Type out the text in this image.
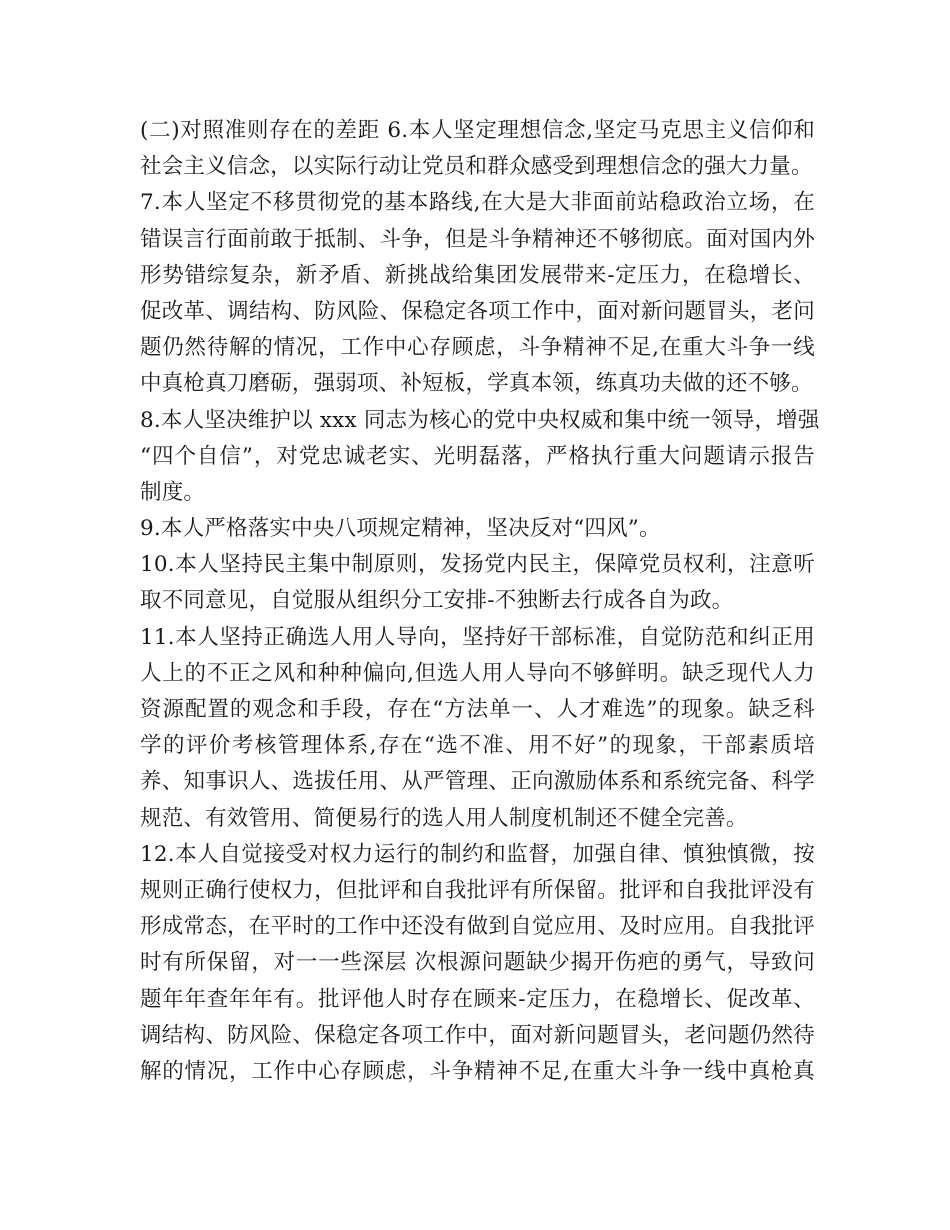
(二)对照准则存在的差距 6.本人坚定理想信念,坚定马克思主义信仰和
社会主义信念，以实际行动让党员和群众感受到理想信念的强大力量。
7.本人坚定不移贯彻党的基本路线,在大是大非面前站稳政治立场，在
错误言行面前敢于抵制、斗争，但是斗争精神还不够彻底。面对国内外
形势错综复杂，新矛盾、新挑战给集团发展带来-定压力，在稳增长、
促改革、调结构、防风险、保稳定各项工作中，面对新问题冒头，老问
题仍然待解的情况，工作中心存顾虑，斗争精神不足,在重大斗争一线
中真枪真刀磨砺，强弱项、补短板，学真本领，练真功夫做的还不够。
8.本人坚决维护以 xxx 同志为核心的党中央权威和集中统一领导，增强
“四个自信”，对党忠诚老实、光明磊落，严格执行重大问题请示报告
制度。
9.本人严格落实中央八项规定精神，坚决反对“四风”。
10.本人坚持民主集中制原则，发扬党内民主，保障党员权利，注意听
取不同意见，自觉服从组织分工安排-不独断去行成各自为政。
11.本人坚持正确选人用人导向，坚持好干部标准，自觉防范和纠正用
人上的不正之风和种种偏向,但选人用人导向不够鲜明。缺乏现代人力
资源配置的观念和手段，存在“方法单一、人才难选”的现象。缺乏科
学的评价考核管理体系,存在“选不准、用不好”的现象，干部素质培
养、知事识人、选拔任用、从严管理、正向激励体系和系统完备、科学
规范、有效管用、简便易行的选人用人制度机制还不健全完善。
12.本人自觉接受对权力运行的制约和监督，加强自律、慎独慎微，按
规则正确行使权力，但批评和自我批评有所保留。批评和自我批评没有
形成常态，在平时的工作中还没有做到自觉应用、及时应用。自我批评
时有所保留，对一一些深层 次根源问题缺少揭开伤疤的勇气，导致问
题年年查年年有。批评他人时存在顾来-定压力，在稳增长、促改革、
调结构、防风险、保稳定各项工作中，面对新问题冒头，老问题仍然待
解的情况，工作中心存顾虑，斗争精神不足,在重大斗争一线中真枪真
